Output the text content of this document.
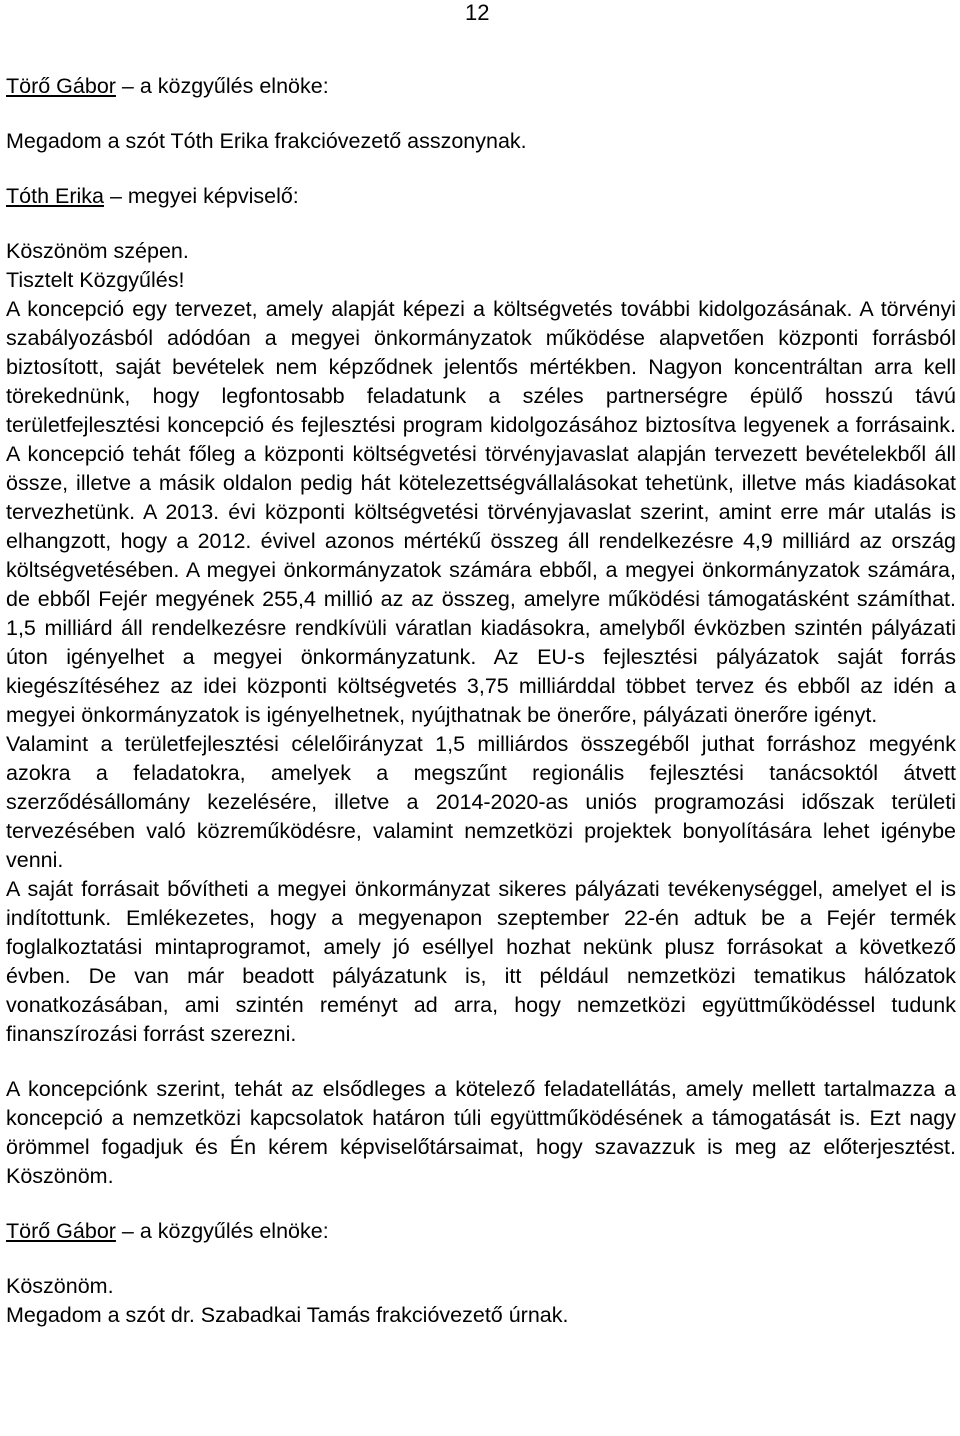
12
Törő Gábor – a közgyűlés elnöke:
Megadom a szót Tóth Erika frakcióvezető asszonynak.
Tóth Erika – megyei képviselő:
Köszönöm szépen.
Tisztelt Közgyűlés!
A koncepció egy tervezet, amely alapját képezi a költségvetés további kidolgozásának. A törvényi szabályozásból adódóan a megyei önkormányzatok működése alapvetően központi forrásból biztosított, saját bevételek nem képződnek jelentős mértékben. Nagyon koncentráltan arra kell törekednünk, hogy legfontosabb feladatunk a széles partnerségre épülő hosszú távú területfejlesztési koncepció és fejlesztési program kidolgozásához biztosítva legyenek a forrásaink. A koncepció tehát főleg a központi költségvetési törvényjavaslat alapján tervezett bevételekből áll össze, illetve a másik oldalon pedig hát kötelezettségvállalásokat tehetünk, illetve más kiadásokat tervezhetünk. A 2013. évi központi költségvetési törvényjavaslat szerint, amint erre már utalás is elhangzott, hogy a 2012. évivel azonos mértékű összeg áll rendelkezésre 4,9 milliárd az ország költségvetésében. A megyei önkormányzatok számára ebből, a megyei önkormányzatok számára, de ebből Fejér megyének 255,4 millió az az összeg, amelyre működési támogatásként számíthat. 1,5 milliárd áll rendelkezésre rendkívüli váratlan kiadásokra, amelyből évközben szintén pályázati úton igényelhet a megyei önkormányzatunk. Az EU-s fejlesztési pályázatok saját forrás kiegészítéséhez az idei központi költségvetés 3,75 milliárddal többet tervez és ebből az idén a megyei önkormányzatok is igényelhetnek, nyújthatnak be önerőre, pályázati önerőre igényt.
Valamint a területfejlesztési célelőirányzat 1,5 milliárdos összegéből juthat forráshoz megyénk azokra a feladatokra, amelyek a megszűnt regionális fejlesztési tanácsoktól átvett szerződésállomány kezelésére, illetve a 2014-2020-as uniós programozási időszak területi tervezésében való közreműködésre, valamint nemzetközi projektek bonyolítására lehet igénybe venni.
A saját forrásait bővítheti a megyei önkormányzat sikeres pályázati tevékenységgel, amelyet el is indítottunk. Emlékezetes, hogy a megyenapon szeptember 22-én adtuk be a Fejér termék foglalkoztatási mintaprogramot, amely jó eséllyel hozhat nekünk plusz forrásokat a következő évben. De van már beadott pályázatunk is, itt például nemzetközi tematikus hálózatok vonatkozásában, ami szintén reményt ad arra, hogy nemzetközi együttműködéssel tudunk finanszírozási forrást szerezni.
A koncepciónk szerint, tehát az elsődleges a kötelező feladatellátás, amely mellett tartalmazza a koncepció a nemzetközi kapcsolatok határon túli együttműködésének a támogatását is. Ezt nagy örömmel fogadjuk és Én kérem képviselőtársaimat, hogy szavazzuk is meg az előterjesztést. Köszönöm.
Törő Gábor – a közgyűlés elnöke:
Köszönöm.
Megadom a szót dr. Szabadkai Tamás frakcióvezető úrnak.
